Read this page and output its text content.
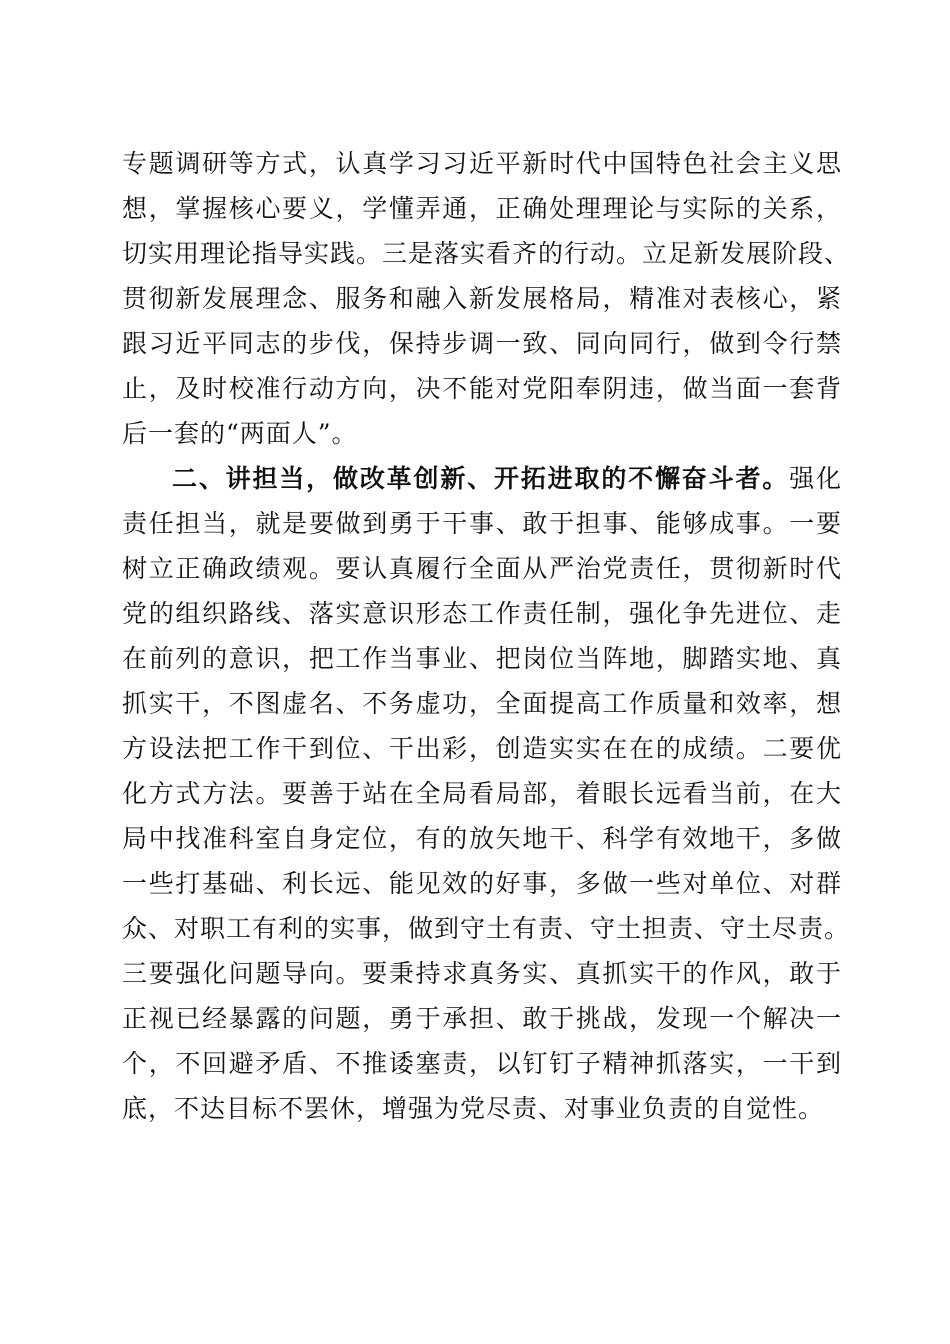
专题调研等方式，认真学习习近平新时代中国特色社会主义思
想，掌握核心要义，学懂弄通，正确处理理论与实际的关系，
切实用理论指导实践。三是落实看齐的行动。立足新发展阶段、
贯彻新发展理念、服务和融入新发展格局，精准对表核心，紧
跟习近平同志的步伐，保持步调一致、同向同行，做到令行禁
止，及时校准行动方向，决不能对党阳奉阴违，做当面一套背
后一套的“两面人”。
二、讲担当，做改革创新、开拓进取的不懈奋斗者。强化
责任担当，就是要做到勇于干事、敢于担事、能够成事。一要
树立正确政绩观。要认真履行全面从严治党责任，贯彻新时代
党的组织路线、落实意识形态工作责任制，强化争先进位、走
在前列的意识，把工作当事业、把岗位当阵地，脚踏实地、真
抓实干，不图虚名、不务虚功，全面提高工作质量和效率，想
方设法把工作干到位、干出彩，创造实实在在的成绩。二要优
化方式方法。要善于站在全局看局部，着眼长远看当前，在大
局中找准科室自身定位，有的放矢地干、科学有效地干，多做
一些打基础、利长远、能见效的好事，多做一些对单位、对群
众、对职工有利的实事，做到守土有责、守土担责、守土尽责。
三要强化问题导向。要秉持求真务实、真抓实干的作风，敢于
正视已经暴露的问题，勇于承担、敢于挑战，发现一个解决一
个，不回避矛盾、不推诿塞责，以钉钉子精神抓落实，一干到
底，不达目标不罢休，增强为党尽责、对事业负责的自觉性。
